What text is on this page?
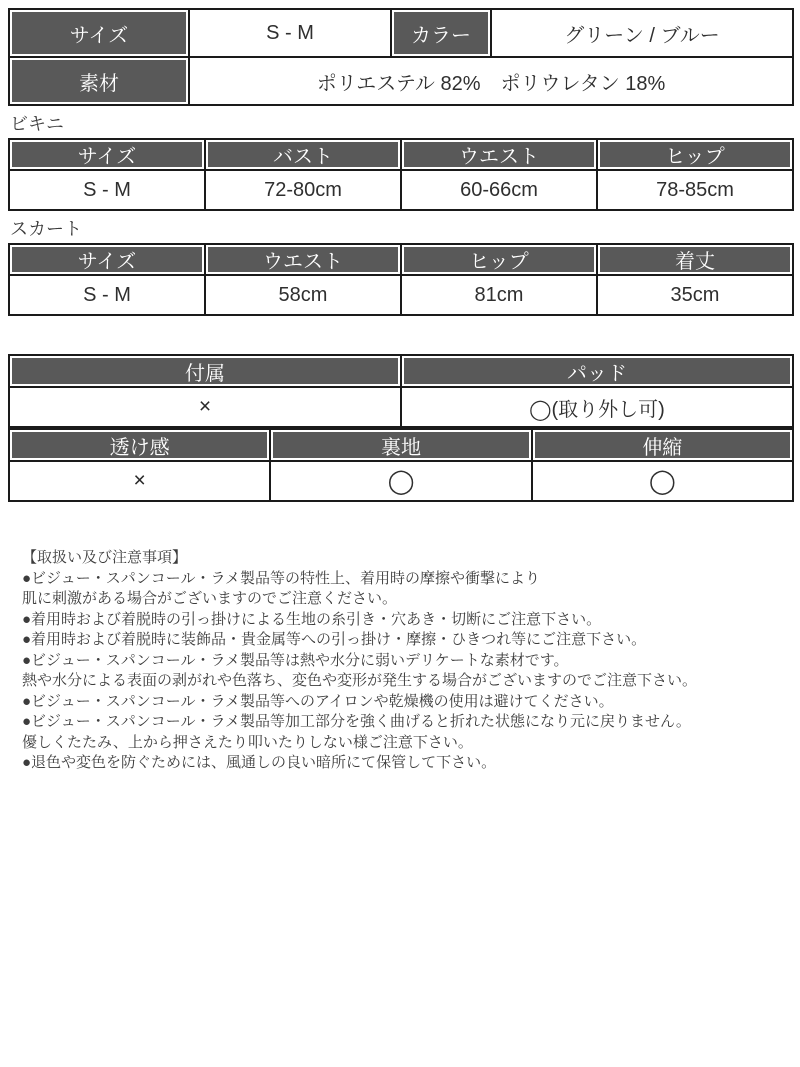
サイズ	S - M	カラー	グリーン / ブルー
素材	ポリエステル 82%　ポリウレタン 18%		
ビキニ
サイズ	バスト	ウエスト	ヒップ
S - M	72-80cm	60-66cm	78-85cm
スカート
サイズ	ウエスト	ヒップ	着丈
S - M	58cm	81cm	35cm
付属	パッド
×	◯(取り外し可)
透け感	裏地	伸縮
×	◯	◯
【取扱い及び注意事項】
●ビジュー・スパンコール・ラメ製品等の特性上、着用時の摩擦や衝撃により
肌に刺激がある場合がございますのでご注意ください。
●着用時および着脱時の引っ掛けによる生地の糸引き・穴あき・切断にご注意下さい。
●着用時および着脱時に装飾品・貴金属等への引っ掛け・摩擦・ひきつれ等にご注意下さい。
●ビジュー・スパンコール・ラメ製品等は熱や水分に弱いデリケートな素材です。
熱や水分による表面の剥がれや色落ち、変色や変形が発生する場合がございますのでご注意下さい。
●ビジュー・スパンコール・ラメ製品等へのアイロンや乾燥機の使用は避けてください。
●ビジュー・スパンコール・ラメ製品等加工部分を強く曲げると折れた状態になり元に戻りません。
優しくたたみ、上から押さえたり叩いたりしない様ご注意下さい。
●退色や変色を防ぐためには、風通しの良い暗所にて保管して下さい。
